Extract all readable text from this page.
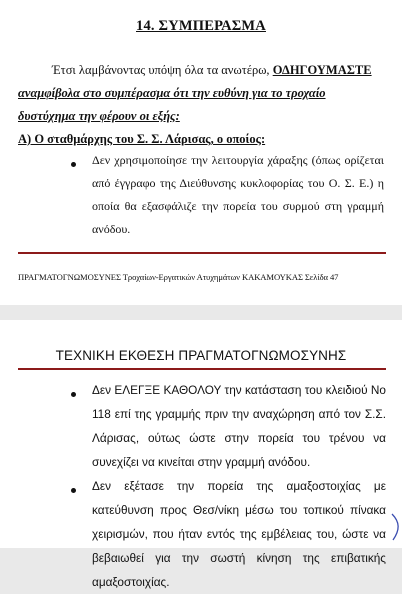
14. ΣΥΜΠΕΡΑΣΜΑ
Έτσι λαμβάνοντας υπόψη όλα τα ανωτέρω, ΟΔΗΓΟΥΜΑΣΤΕ
αναμφίβολα στο συμπέρασμα ότι την ευθύνη για το τροχαίο
δυστύχημα την φέρουν οι εξής:
Α) Ο σταθμάρχης του Σ. Σ. Λάρισας, ο οποίος:
Δεν χρησιμοποίησε την λειτουργία χάραξης (όπως ορίζεται από έγγραφο της Διεύθυνσης κυκλοφορίας του Ο. Σ. Ε.) η οποία θα εξασφάλιζε την πορεία του συρμού στη γραμμή ανόδου.
ΠΡΑΓΜΑΤΟΓΝΩΜΟΣΥΝΕΣ Τροχαίων-Εργατικών Ατυχημάτων ΚΑΚΑΜΟΥΚΑΣ Σελίδα 47
ΤΕΧΝΙΚΗ ΕΚΘΕΣΗ ΠΡΑΓΜΑΤΟΓΝΩΜΟΣΥΝΗΣ
Δεν ΕΛΕΓΞΕ ΚΑΘΟΛΟΥ την κατάσταση του κλειδιού Νο 118 επί της γραμμής πριν την αναχώρηση από τον Σ.Σ. Λάρισας, ούτως ώστε στην πορεία του τρένου να συνεχίζει να κινείται στην γραμμή ανόδου.
Δεν εξέτασε την πορεία της αμαξοστοιχίας με κατεύθυνση προς Θεσ/νίκη μέσω του τοπικού πίνακα χειρισμών, που ήταν εντός της εμβέλειας του, ώστε να βεβαιωθεί για την σωστή κίνηση της επιβατικής αμαξοστοιχίας.
